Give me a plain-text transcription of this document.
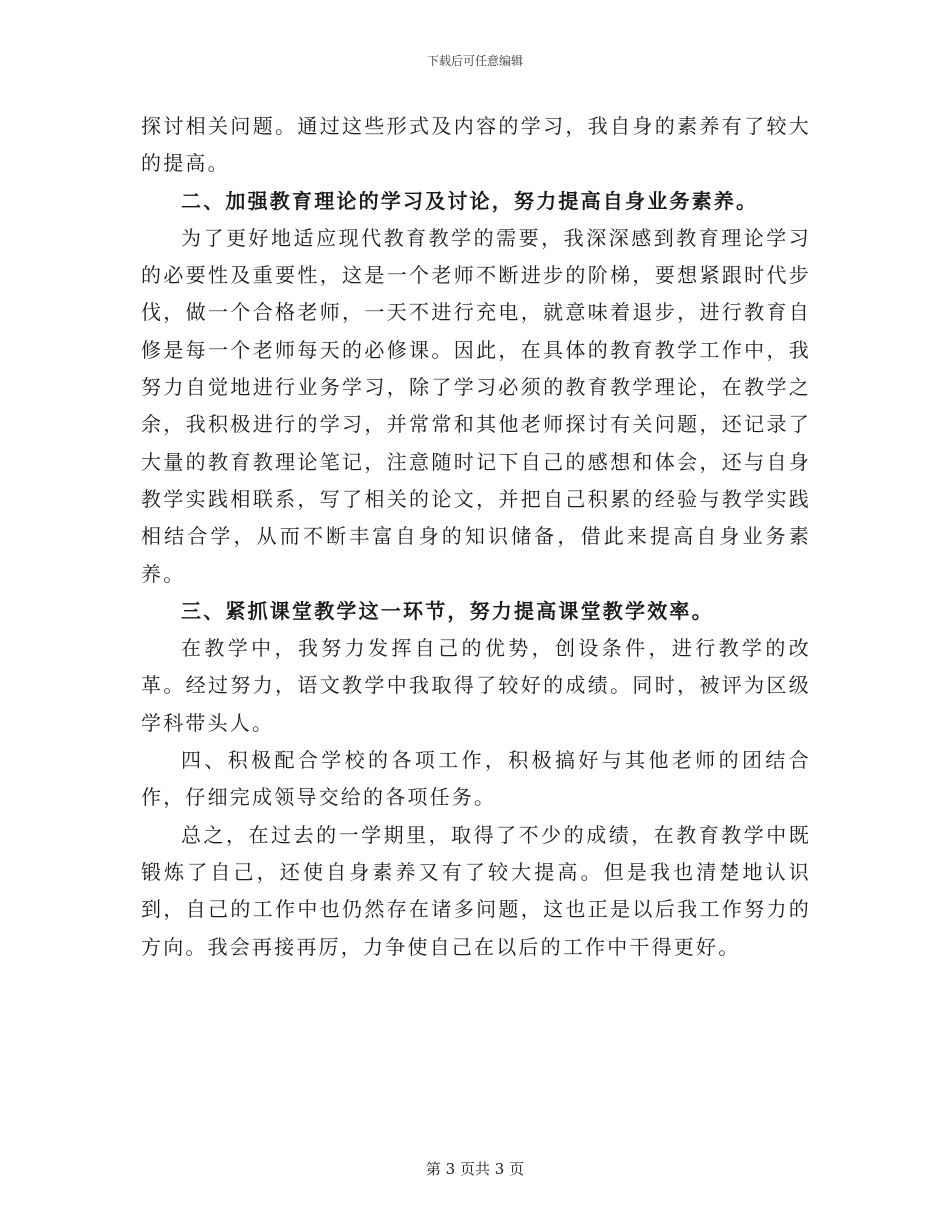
下载后可任意编辑

探讨相关问题。通过这些形式及内容的学习，我自身的素养有了较大的提高。

二、加强教育理论的学习及讨论，努力提高自身业务素养。

为了更好地适应现代教育教学的需要，我深深感到教育理论学习的必要性及重要性，这是一个老师不断进步的阶梯，要想紧跟时代步伐，做一个合格老师，一天不进行充电，就意味着退步，进行教育自修是每一个老师每天的必修课。因此，在具体的教育教学工作中，我努力自觉地进行业务学习，除了学习必须的教育教学理论，在教学之余，我积极进行的学习，并常常和其他老师探讨有关问题，还记录了大量的教育教理论笔记，注意随时记下自己的感想和体会，还与自身教学实践相联系，写了相关的论文，并把自己积累的经验与教学实践相结合学，从而不断丰富自身的知识储备，借此来提高自身业务素养。

三、紧抓课堂教学这一环节，努力提高课堂教学效率。

在教学中，我努力发挥自己的优势，创设条件，进行教学的改革。经过努力，语文教学中我取得了较好的成绩。同时，被评为区级学科带头人。

四、积极配合学校的各项工作，积极搞好与其他老师的团结合作，仔细完成领导交给的各项任务。

总之，在过去的一学期里，取得了不少的成绩，在教育教学中既锻炼了自己，还使自身素养又有了较大提高。但是我也清楚地认识到，自己的工作中也仍然存在诸多问题，这也正是以后我工作努力的方向。我会再接再厉，力争使自己在以后的工作中干得更好。

第 3 页共 3 页
